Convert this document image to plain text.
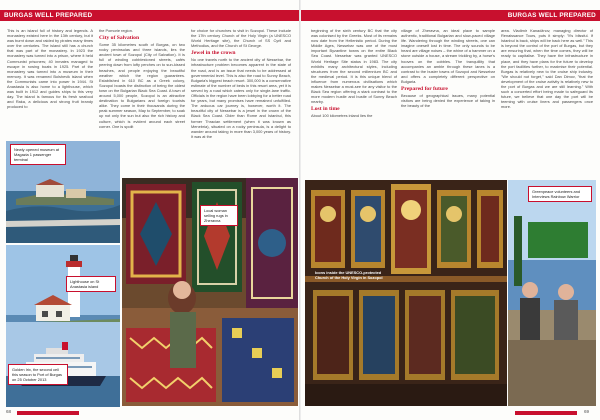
BURGAS WELL PREPARED	BURGAS WELL PREPARED

This is an island full of history and legends. A monastery existed here in the 13th century, but it was burnt down and raided by pirates many times over the centuries. The island still has a church that was part of the monastery. In 1923 the monastery was turned into a prison, where it held Communist prisoners; 40 inmates managed to escape in rowing boats in 1925. Part of the monastery was turned into a museum in their memory. It was renamed Bolshevik island when the Communists came into power in 1944. St Anastasia is also home to a lighthouse, which was built in 1912 and guides ships to this very day. The island is famous for its fresh seafood and Raka, a delicious and strong fruit brandy produced to

the Pomorie region.

City of Salvation

Some 35 kilometres south of Burgas, on two rocky peninsulas and three islands, lies the ancient town of Sozopol (City of Salvation). It is full of winding cobblestoned streets, cafés peering down from lofty perches on to sun-kissed beaches, and people enjoying the beautiful weather which the region guarantees. Established in 610 BC as a Greek colony, Sozopol boasts the distinction of being the oldest town on the Bulgarian Black Sea Coast. A town of around 5,000 people, Sozopol is an attractive destination to Bulgarians and foreign tourists alike. They come in their thousands during the peak summer season, May to September, to soak up not only the sun but also the rich history and culture, which is evident around each street corner. One is spoilt

for choice for churches to visit in Sozopol. These include the 17th century Church of the Holy Virgin (a UNESCO World Heritage site), the Church of SS Cyril and Methodius, and the Church of St George.

Jewel in the crown

No one travels north to the ancient city of Nessebar, the infrastructure problem becomes apparent in the state of the road, and is an issue that needs to be addressed at governmental level. This is also the road to Sunny Beach, Bulgaria's biggest beach resort. 300,000 is a conservative estimate of the number of beds in this resort area, yet it is served by a road which caters only for single-lane traffic. Officials in the region have been lobbying for a better road for years, but many promises have remained unfulfilled. The arduous car journey is, however, worth it. The beautiful city of Nessebar is a jewel in the crown of the Black Sea Coast. Older than Rome and Istanbul, this former Thracian settlement (when it was known as Menebria), situated on a rocky peninsula, is a delight to wander around taking in more than 3,000 years of history. It was at the

Newly opened museum at Magazia 1 passenger terminal
Lighthouse on St Anastasia island
Golden Irix, the second cell this season to Port of Burgas on 25 October 2013
Local woman selling rugs in Zheravna
68

beginning of the sixth century BC that the city was colonised by the Greeks. Most of its remains now date from the Hellenistic period. During the Middle Ages, Nessebar was one of the most important Byzantine towns on the entire Black Sea Coast. Nessebar was granted UNESCO World Heritage Site status in 1983. The city exhibits many architectural styles, including structures from the second millennium BC and the medieval period. It is this unique blend of influence from numerous civilisations which makes Nessebar a must-see for any visitor to the Black Sea region offering a stark contrast to the more modern hustle and bustle of Sunny Beach nearby.

Lost in time

About 100 kilometres inland lies the

village of Zheravna, an ideal place to sample authentic, traditional Bulgarian and slow-paced village life. Wandering through the winding streets, one can imagine oneself lost in time. The only sounds to be heard are village noises – the whine of a hammer on a stone outside a house, a stream trickling by, a horse's hooves on the cobbles. The tranquillity that accompanies an amble through these lanes is a contrast to the busier towns of Sozopol and Nessebar and offers a completely different perspective on Bulgaria.

Prepared for future

Because of geographical issues, many potential visitors are being denied the experience of taking in the beauty of the

area. Vladimir Kanadžnov, managing director of Renaissance Tours, puts it simply: "It's blissful. If Istanbul is back, ships will be back here as well." This is beyond the control of the port of Burgas, but they are ensuring that, when the time comes, they will be ready to capitalise. They have the infrastructure in place, and they have plans for the future to develop the port facilities further, to maximise their potential. Burgas is relatively new to the cruise ship industry. "We should not forget," said Dan Dimov, "that the development of the cruise activity is relatively new to the port of Burgas and we are still learning." With such a concerted effort being made to safeguard its future, we believe that one day the port will be teeming with cruise liners and passengers once more.

Icons inside the UNESCO-protected Church of the Holy Virgin in Sozopol
Greenpeace volunteers and Interviews Rainbow Warrior
69
